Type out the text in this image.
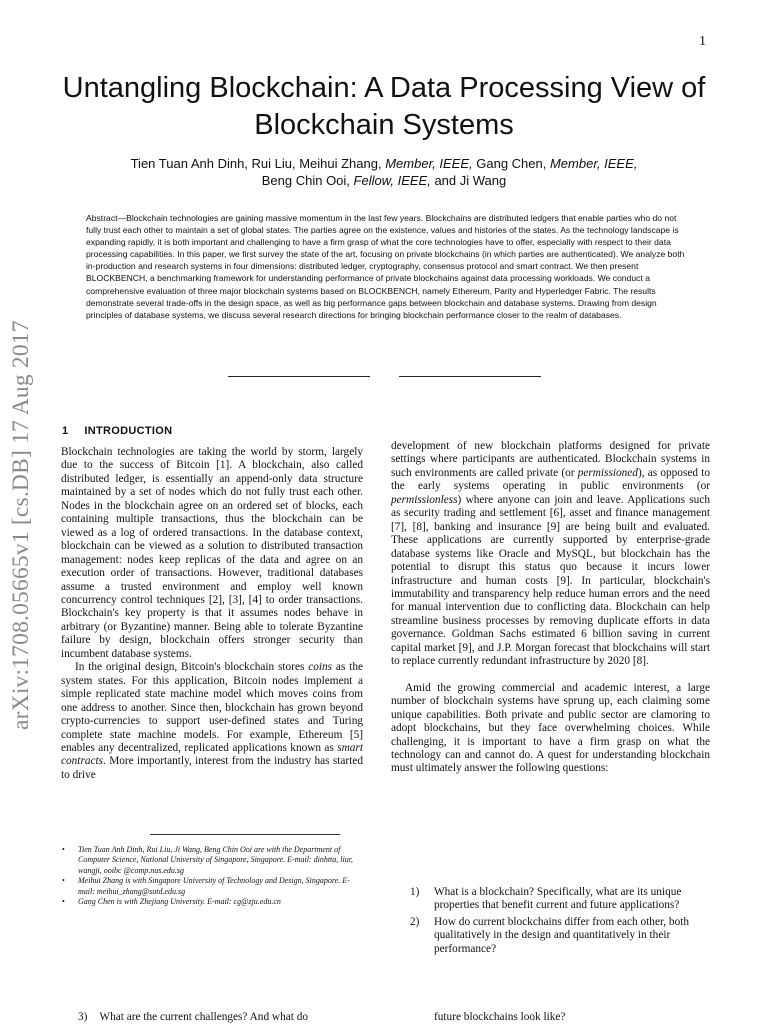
1
Untangling Blockchain: A Data Processing View of Blockchain Systems
Tien Tuan Anh Dinh, Rui Liu, Meihui Zhang, Member, IEEE, Gang Chen, Member, IEEE,
Beng Chin Ooi, Fellow, IEEE, and Ji Wang
Abstract—Blockchain technologies are gaining massive momentum in the last few years. Blockchains are distributed ledgers that enable parties who do not fully trust each other to maintain a set of global states. The parties agree on the existence, values and histories of the states. As the technology landscape is expanding rapidly, it is both important and challenging to have a firm grasp of what the core technologies have to offer, especially with respect to their data processing capabilities. In this paper, we first survey the state of the art, focusing on private blockchains (in which parties are authenticated). We analyze both in-production and research systems in four dimensions: distributed ledger, cryptography, consensus protocol and smart contract. We then present BLOCKBENCH, a benchmarking framework for understanding performance of private blockchains against data processing workloads. We conduct a comprehensive evaluation of three major blockchain systems based on BLOCKBENCH, namely Ethereum, Parity and Hyperledger Fabric. The results demonstrate several trade-offs in the design space, as well as big performance gaps between blockchain and database systems. Drawing from design principles of database systems, we discuss several research directions for bringing blockchain performance closer to the realm of databases.
arXiv:1708.05665v1 [cs.DB] 17 Aug 2017	1 INTRODUCTION

Blockchain technologies are taking the world by storm, largely due to the success of Bitcoin [1]. A blockchain, also called distributed ledger, is essentially an append-only data structure maintained by a set of nodes which do not fully trust each other. Nodes in the blockchain agree on an ordered set of blocks, each containing multiple transactions, thus the blockchain can be viewed as a log of ordered transactions. In the database context, blockchain can be viewed as a solution to distributed transaction management: nodes keep replicas of the data and agree on an execution order of transactions. However, traditional databases assume a trusted environment and employ well known concurrency control techniques [2], [3], [4] to order transactions. Blockchain's key property is that it assumes nodes behave in arbitrary (or Byzantine) manner. Being able to tolerate Byzantine failure by design, blockchain offers stronger security than incumbent database systems.

In the original design, Bitcoin's blockchain stores coins as the system states. For this application, Bitcoin nodes implement a simple replicated state machine model which moves coins from one address to another. Since then, blockchain has grown beyond crypto-currencies to support user-defined states and Turing complete state machine models. For example, Ethereum [5] enables any decentralized, replicated applications known as smart contracts. More importantly, interest from the industry has started to drive

• Tien Tuan Anh Dinh, Rui Liu, Ji Wang, Beng Chin Ooi are with the Department of Computer Science, National University of Singapore, Singapore. E-mail: dinhtta, liur, wangji, ooibc @comp.nus.edu.sg
• Meihui Zhang is with Singapore University of Technology and Design, Singapore. E-mail: meihui_zhang@sutd.edu.sg
• Gang Chen is with Zhejiang University. E-mail: cg@zju.edu.cn

development of new blockchain platforms designed for private settings where participants are authenticated. Blockchain systems in such environments are called private (or permissioned), as opposed to the early systems operating in public environments (or permissionless) where anyone can join and leave. Applications such as security trading and settlement [6], asset and finance management [7], [8], banking and insurance [9] are being built and evaluated. These applications are currently supported by enterprise-grade database systems like Oracle and MySQL, but blockchain has the potential to disrupt this status quo because it incurs lower infrastructure and human costs [9]. In particular, blockchain's immutability and transparency help reduce human errors and the need for manual intervention due to conflicting data. Blockchain can help streamline business processes by removing duplicate efforts in data governance. Goldman Sachs estimated 6 billion saving in current capital market [9], and J.P. Morgan forecast that blockchains will start to replace currently redundant infrastructure by 2020 [8].

Amid the growing commercial and academic interest, a large number of blockchain systems have sprung up, each claiming some unique capabilities. Both private and public sector are clamoring to adopt blockchains, but they face overwhelming choices. While challenging, it is important to have a firm grasp on what the technology can and cannot do. A quest for understanding blockchain must ultimately answer the following questions:

1) What is a blockchain? Specifically, what are its unique properties that benefit current and future applications?
2) How do current blockchains differ from each other, both qualitatively in the design and quantitatively in their performance?
3) What are the current challenges? And what do	future blockchains look like?
